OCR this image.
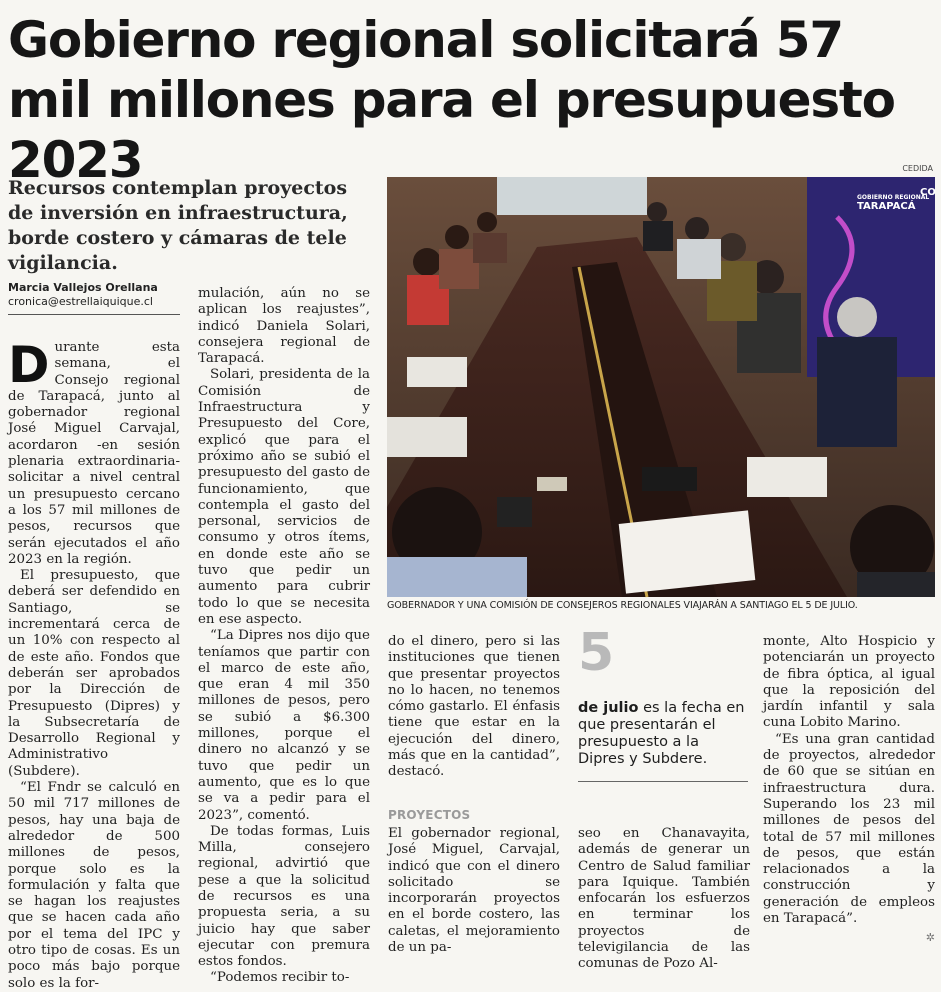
Gobierno regional solicitará 57 mil millones para el presupuesto 2023
Recursos contemplan proyectos de inversión en infraestructura, borde costero y cámaras de tele vigilancia.
CEDIDA
GOBIERNO REGIONAL
TARAPACÁ
CO
GOBERNADOR Y UNA COMISIÓN DE CONSEJEROS REGIONALES VIAJARÁN A SANTIAGO EL 5 DE JULIO.
Marcia Vallejos Orellana
cronica@estrellaiquique.cl

Durante esta semana, el Consejo regional de Tarapacá, junto al gobernador regional José Miguel Carvajal, acordaron -en sesión plenaria extraordinaria- solicitar a nivel central un presupuesto cercano a los 57 mil millones de pesos, recursos que serán ejecutados el año 2023 en la región.

El presupuesto, que deberá ser defendido en Santiago, se incrementará cerca de un 10% con respecto al de este año. Fondos que deberán ser aprobados por la Dirección de Presupuesto (Dipres) y la Subsecretaría de Desarrollo Regional y Administrativo (Subdere).

“El Fndr se calculó en 50 mil 717 millones de pesos, hay una baja de alrededor de 500 millones de pesos, porque solo es la formulación y falta que se hagan los reajustes que se hacen cada año por el tema del IPC y otro tipo de cosas. Es un poco más bajo porque solo es la for-

mulación, aún no se aplican los reajustes”, indicó Daniela Solari, consejera regional de Tarapacá.

Solari, presidenta de la Comisión de Infraestructura y Presupuesto del Core, explicó que para el próximo año se subió el presupuesto del gasto de funcionamiento, que contempla el gasto del personal, servicios de consumo y otros ítems, en donde este año se tuvo que pedir un aumento para cubrir todo lo que se necesita en ese aspecto.

“La Dipres nos dijo que teníamos que partir con el marco de este año, que eran 4 mil 350 millones de pesos, pero se subió a $6.300 millones, porque el dinero no alcanzó y se tuvo que pedir un aumento, que es lo que se va a pedir para el 2023”, comentó.

De todas formas, Luis Milla, consejero regional, advirtió que pese a que la solicitud de recursos es una propuesta seria, a su juicio hay que saber ejecutar con premura estos fondos.

“Podemos recibir to-

do el dinero, pero si las instituciones que tienen que presentar proyectos no lo hacen, no tenemos cómo gastarlo. El énfasis tiene que estar en la ejecución del dinero, más que en la cantidad”, destacó.

PROYECTOS

El gobernador regional, José Miguel, Carvajal, indicó que con el dinero solicitado se incorporarán proyectos en el borde costero, las caletas, el mejoramiento de un pa-

5
de julio es la fecha en que presentarán el presupuesto a la Dipres y Subdere.

seo en Chanavayita, además de generar un Centro de Salud familiar para Iquique. También enfocarán los esfuerzos en terminar los proyectos de televigilancia de las comunas de Pozo Al-

monte, Alto Hospicio y potenciarán un proyecto de fibra óptica, al igual que la reposición del jardín infantil y sala cuna Lobito Marino.

“Es una gran cantidad de proyectos, alrededor de 60 que se sitúan en infraestructura dura. Superando los 23 mil millones de pesos del total de 57 mil millones de pesos, que están relacionados a la construcción y generación de empleos en Tarapacá”.

✲
